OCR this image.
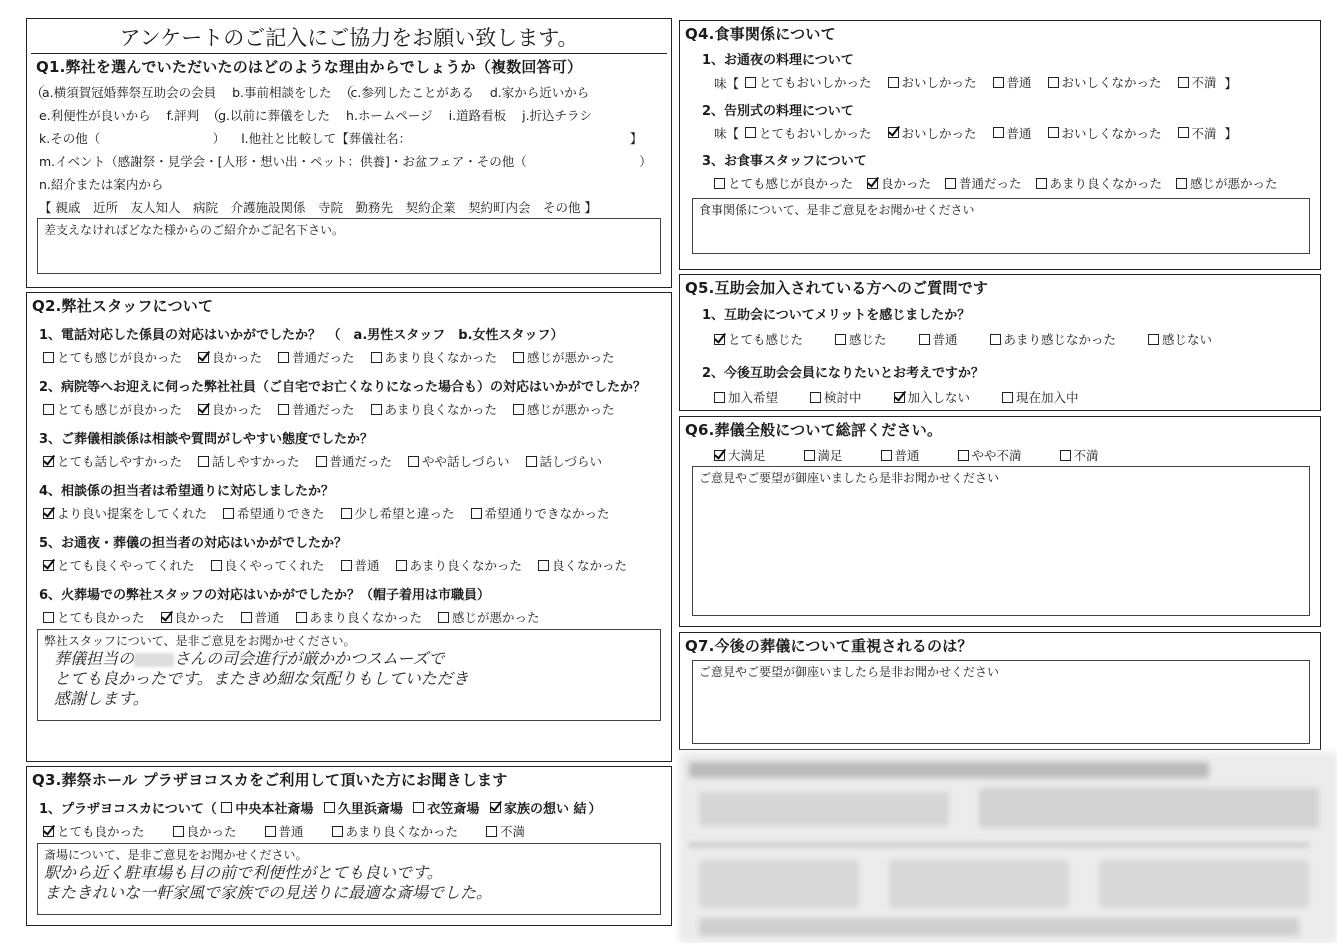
アンケートのご記入にご協力をお願い致します。
Q1.弊社を選んでいただいたのはどのような理由からでしょうか（複数回答可）
a.横須賀冠婚葬祭互助会の会員 b.事前相談をした c.参列したことがある d.家から近いから
e.利便性が良いから f.評判 g.以前に葬儀をした h.ホームページ i.道路看板 j.折込チラシ
k.その他（　　　　　　　　　） l.他社と比較して【葬儀社名：　　　　　　　　　　　　　　　　　　】
m.イベント（感謝祭・見学会・[人形・想い出・ペット：供養]・お盆フェア・その他（　　　　　　　　　）
n.紹介または案内から
【 親戚　近所　友人知人　病院　介護施設関係　寺院　勤務先　契約企業　契約町内会　その他 】
差支えなければどなた様からのご紹介かご記名下さい。
Q2.弊社スタッフについて
1、電話対応した係員の対応はいかがでしたか？　（　a.男性スタッフ　b.女性スタッフ）
とても感じが良かった
良かった
普通だった
あまり良くなかった
感じが悪かった
2、病院等へお迎えに伺った弊社社員（ご自宅でお亡くなりになった場合も）の対応はいかがでしたか？
とても感じが良かった
良かった
普通だった
あまり良くなかった
感じが悪かった
3、ご葬儀相談係は相談や質問がしやすい態度でしたか？
とても話しやすかった
話しやすかった
普通だった
やや話しづらい
話しづらい
4、相談係の担当者は希望通りに対応しましたか？
より良い提案をしてくれた
希望通りできた
少し希望と違った
希望通りできなかった
5、お通夜・葬儀の担当者の対応はいかがでしたか？
とても良くやってくれた
良くやってくれた
普通
あまり良くなかった
良くなかった
6、火葬場での弊社スタッフの対応はいかがでしたか？（帽子着用は市職員）
とても良かった
良かった
普通
あまり良くなかった
感じが悪かった
弊社スタッフについて、是非ご意見をお聞かせください。
葬儀担当の	さんの司会進行が厳かかつスムーズで
とても良かったです。またきめ細な気配りもしていただき
感謝します。
Q3.葬祭ホール プラザヨコスカをご利用して頂いた方にお聞きします
1、プラザヨコスカについて（ 中央本社斎場
久里浜斎場
衣笠斎場
家族の想い 結 ）
とても良かった
	良かった
	普通
	あまり良くなかった
	不満
斎場について、是非ご意見をお聞かせください。
駅から近く駐車場も目の前で利便性がとても良いです。
またきれいな一軒家風で家族での見送りに最適な斎場でした。
Q4.食事関係について
1、お通夜の料理について
味【 とてもおいしかった
おいしかった
普通
おいしくなかった
不満 】
2、告別式の料理について
味【 とてもおいしかった
おいしかった
普通
おいしくなかった
不満 】
3、お食事スタッフについて
とても感じが良かった
良かった
普通だった
あまり良くなかった
感じが悪かった
食事関係について、是非ご意見をお聞かせください
Q5.互助会加入されている方へのご質問です
1、互助会についてメリットを感じましたか？
とても感じた
	感じた
	普通
	あまり感じなかった
	感じない
2、今後互助会会員になりたいとお考えですか？
加入希望
	検討中
	加入しない
	現在加入中
Q6.葬儀全般について総評ください。
大満足
	満足
	普通
	やや不満
	不満
ご意見やご要望が御座いましたら是非お聞かせください
Q7.今後の葬儀について重視されるのは？
ご意見やご要望が御座いましたら是非お聞かせください
